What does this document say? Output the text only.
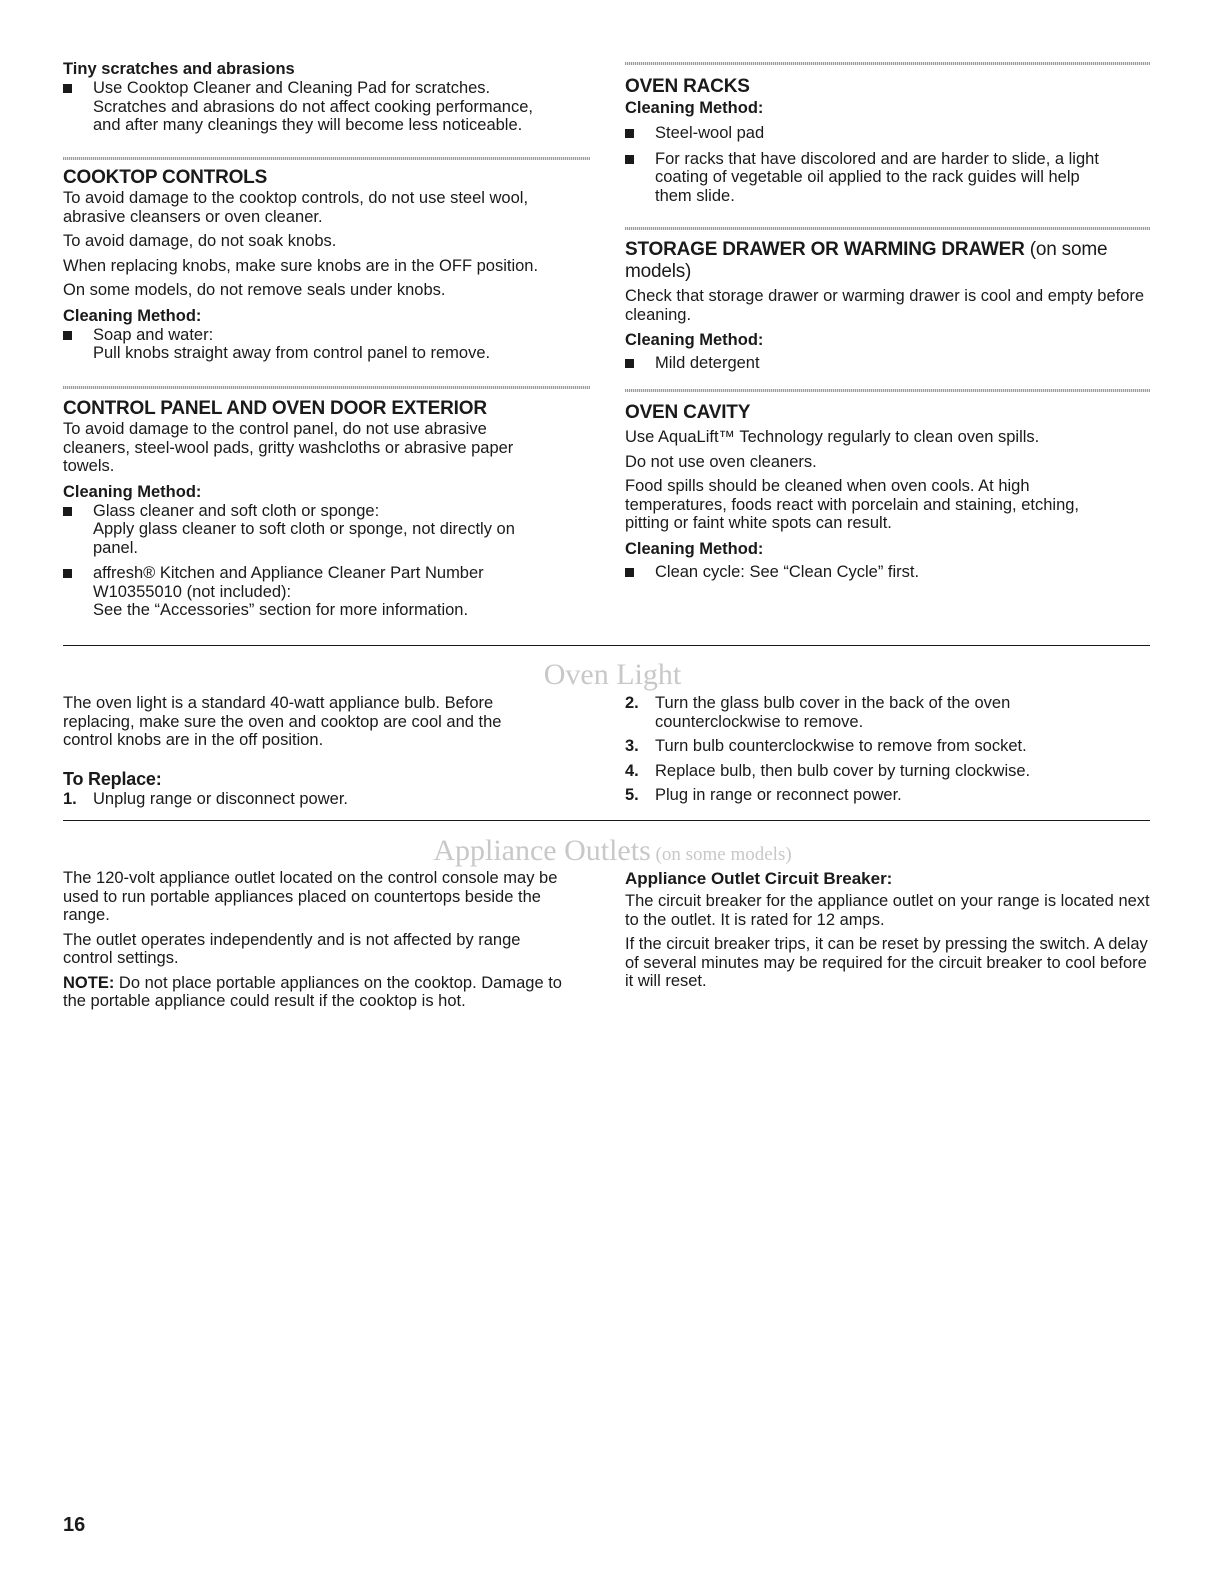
Tiny scratches and abrasions
Use Cooktop Cleaner and Cleaning Pad for scratches.
Scratches and abrasions do not affect cooking performance,
and after many cleanings they will become less noticeable.
COOKTOP CONTROLS

To avoid damage to the cooktop controls, do not use steel wool, abrasive cleansers or oven cleaner.

To avoid damage, do not soak knobs.

When replacing knobs, make sure knobs are in the OFF position.

On some models, do not remove seals under knobs.

Cleaning Method:
Soap and water:
Pull knobs straight away from control panel to remove.
CONTROL PANEL AND OVEN DOOR EXTERIOR

To avoid damage to the control panel, do not use abrasive cleaners, steel-wool pads, gritty washcloths or abrasive paper towels.

Cleaning Method:
Glass cleaner and soft cloth or sponge:
Apply glass cleaner to soft cloth or sponge, not directly on
panel.
affresh® Kitchen and Appliance Cleaner Part Number
W10355010 (not included):
See the “Accessories” section for more information.
OVEN RACKS
Cleaning Method:
Steel-wool pad
For racks that have discolored and are harder to slide, a light
coating of vegetable oil applied to the rack guides will help
them slide.
STORAGE DRAWER OR WARMING DRAWER (on some models)

Check that storage drawer or warming drawer is cool and empty before cleaning.

Cleaning Method:
Mild detergent
OVEN CAVITY

Use AquaLift™ Technology regularly to clean oven spills.

Do not use oven cleaners.

Food spills should be cleaned when oven cools. At high temperatures, foods react with porcelain and staining, etching, pitting or faint white spots can result.

Cleaning Method:
Clean cycle: See “Clean Cycle” first.
Oven Light

The oven light is a standard 40-watt appliance bulb. Before replacing, make sure the oven and cooktop are cool and the control knobs are in the off position.

To Replace:
1. Unplug range or disconnect power.
2. Turn the glass bulb cover in the back of the oven counterclockwise to remove.
3. Turn bulb counterclockwise to remove from socket.
4. Replace bulb, then bulb cover by turning clockwise.
5. Plug in range or reconnect power.
Appliance Outlets (on some models)

The 120-volt appliance outlet located on the control console may be used to run portable appliances placed on countertops beside the range.

The outlet operates independently and is not affected by range control settings.

NOTE: Do not place portable appliances on the cooktop. Damage to the portable appliance could result if the cooktop is hot.

Appliance Outlet Circuit Breaker:

The circuit breaker for the appliance outlet on your range is located next to the outlet. It is rated for 12 amps.

If the circuit breaker trips, it can be reset by pressing the switch. A delay of several minutes may be required for the circuit breaker to cool before it will reset.

16
